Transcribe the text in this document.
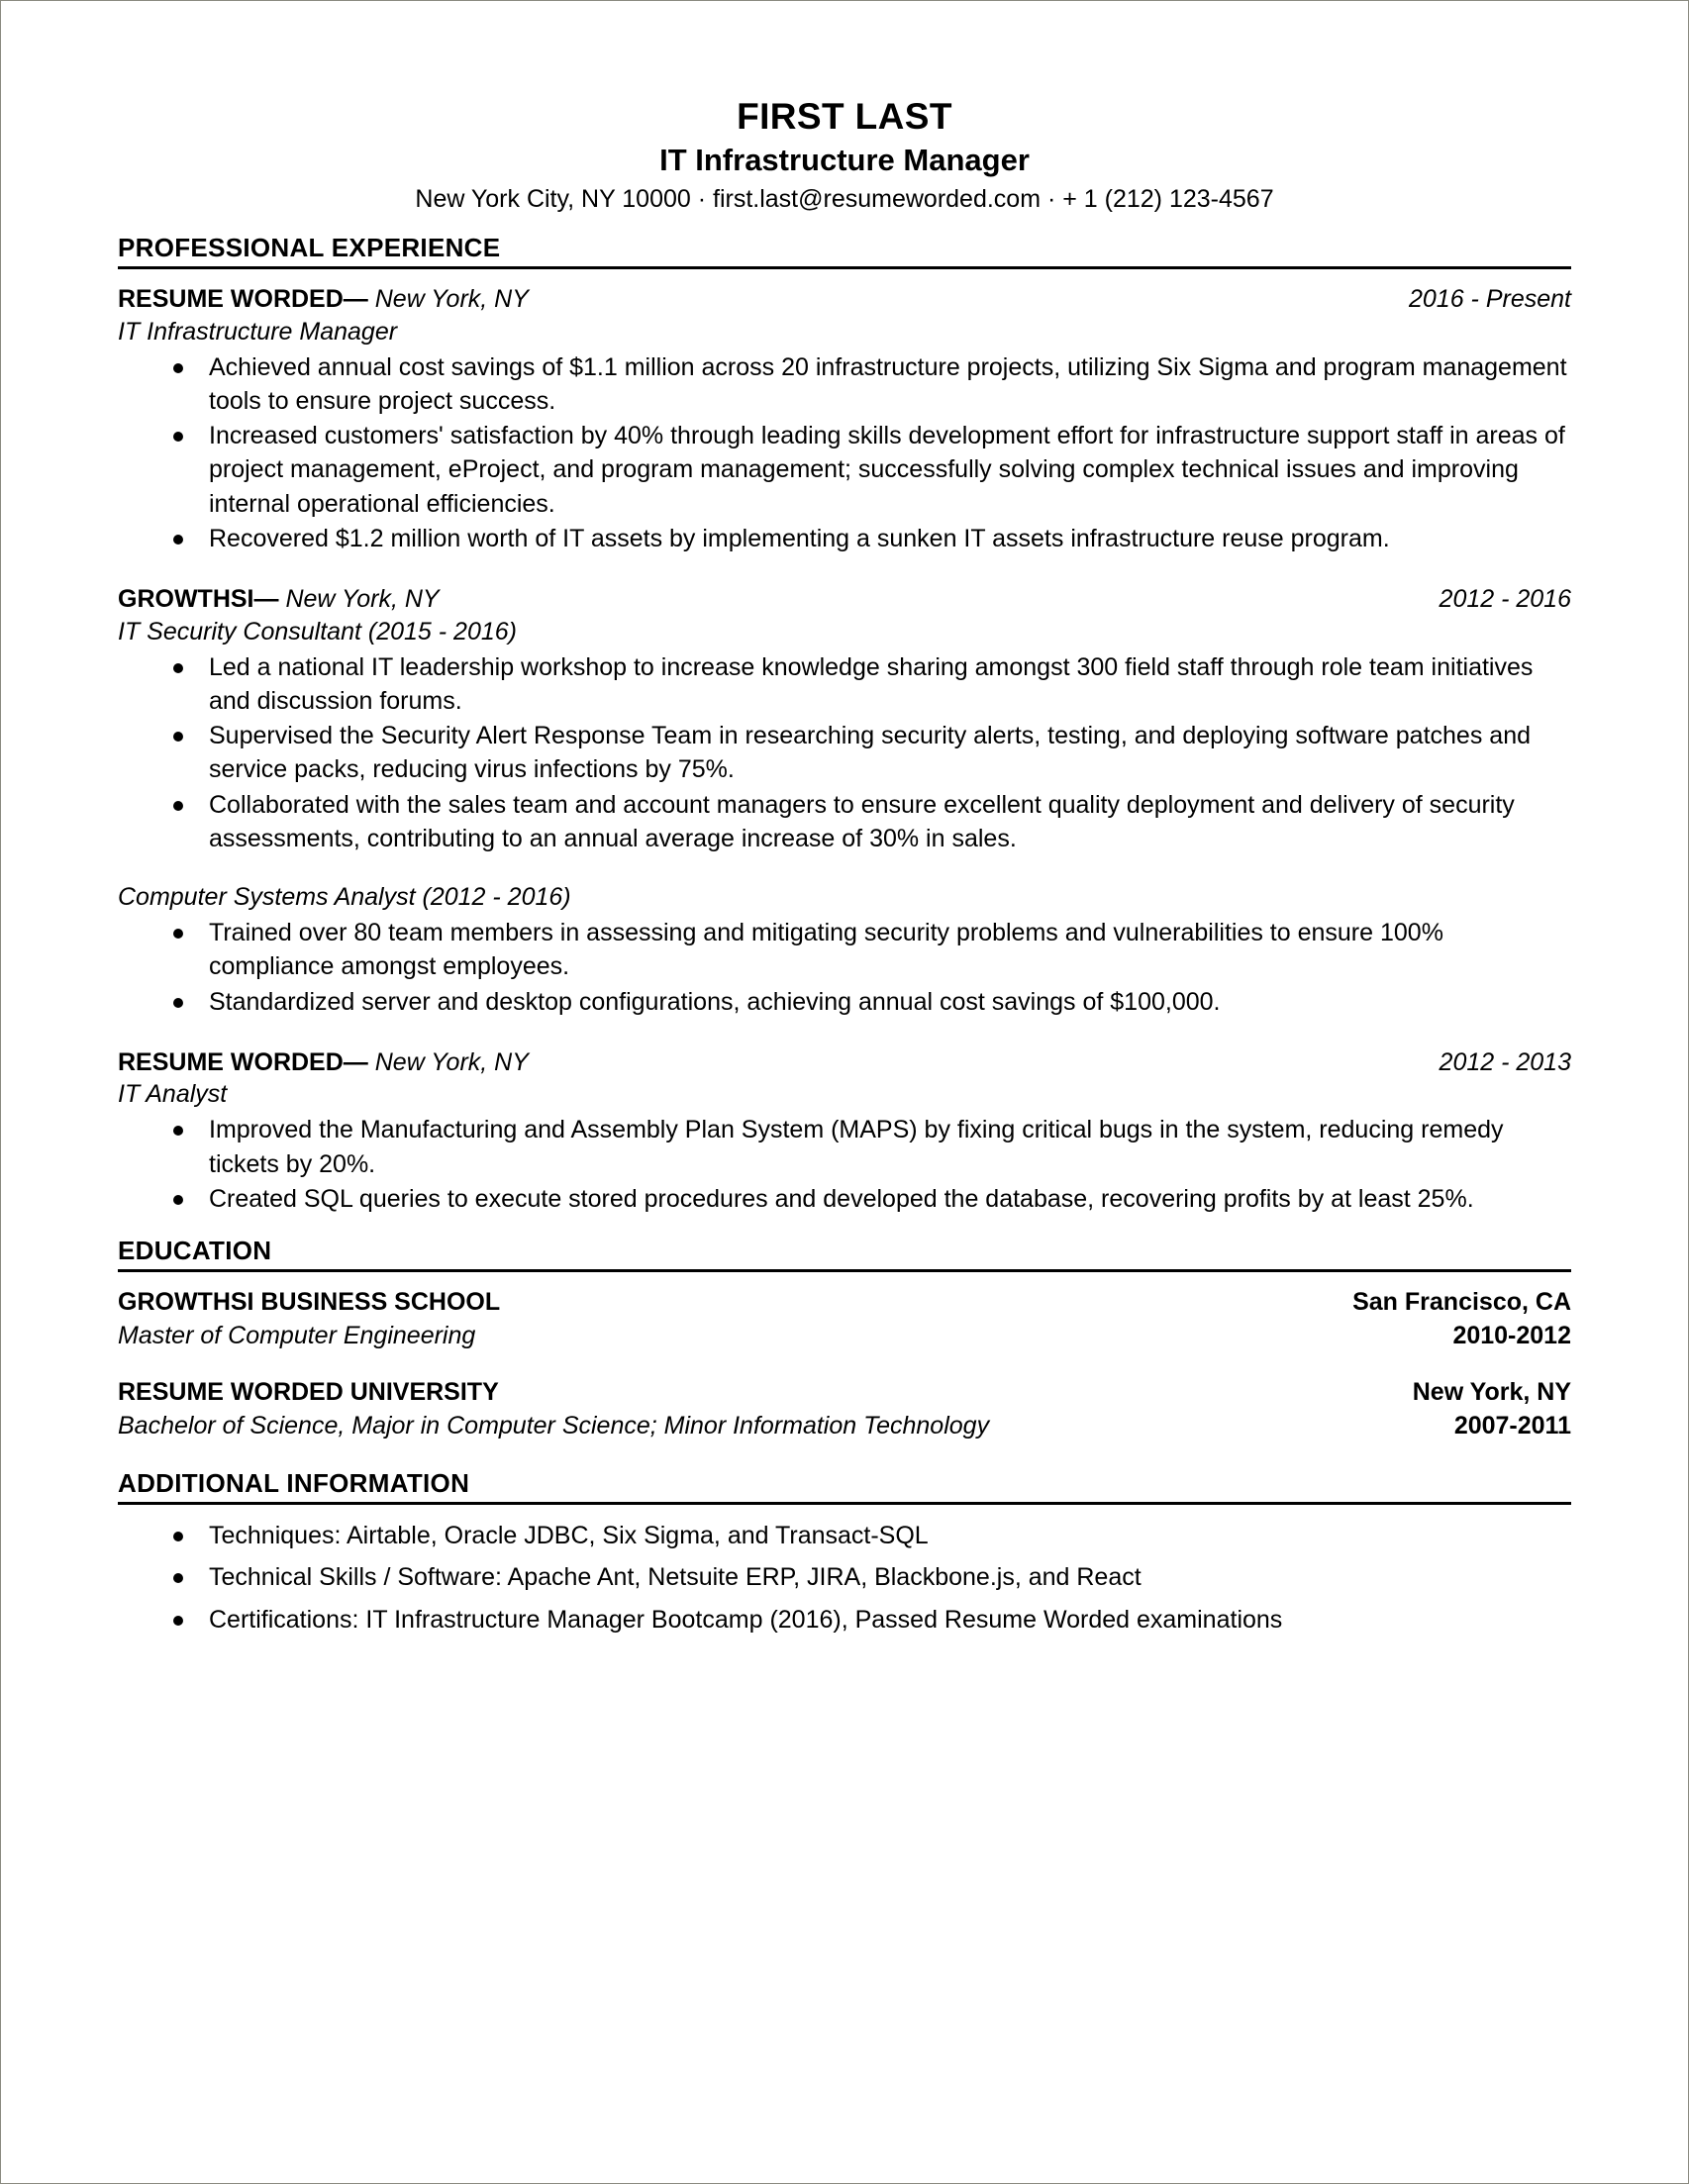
FIRST LAST
IT Infrastructure Manager
New York City, NY 10000 · first.last@resumeworded.com · + 1 (212) 123-4567
PROFESSIONAL EXPERIENCE
RESUME WORDED— New York, NY	2016 - Present
IT Infrastructure Manager
Achieved annual cost savings of $1.1 million across 20 infrastructure projects, utilizing Six Sigma and program management tools to ensure project success.
Increased customers' satisfaction by 40% through leading skills development effort for infrastructure support staff in areas of project management, eProject, and program management; successfully solving complex technical issues and improving internal operational efficiencies.
Recovered $1.2 million worth of IT assets by implementing a sunken IT assets infrastructure reuse program.
GROWTHSI— New York, NY	2012 - 2016
IT Security Consultant (2015 - 2016)
Led a national IT leadership workshop to increase knowledge sharing amongst 300 field staff through role team initiatives and discussion forums.
Supervised the Security Alert Response Team in researching security alerts, testing, and deploying software patches and service packs, reducing virus infections by 75%.
Collaborated with the sales team and account managers to ensure excellent quality deployment and delivery of security assessments, contributing to an annual average increase of 30% in sales.
Computer Systems Analyst (2012 - 2016)
Trained over 80 team members in assessing and mitigating security problems and vulnerabilities to ensure 100% compliance amongst employees.
Standardized server and desktop configurations, achieving annual cost savings of $100,000.
RESUME WORDED— New York, NY	2012 - 2013
IT Analyst
Improved the Manufacturing and Assembly Plan System (MAPS) by fixing critical bugs in the system, reducing remedy tickets by 20%.
Created SQL queries to execute stored procedures and developed the database, recovering profits by at least 25%.
EDUCATION
GROWTHSI BUSINESS SCHOOL	San Francisco, CA
Master of Computer Engineering	2010-2012
RESUME WORDED UNIVERSITY	New York, NY
Bachelor of Science, Major in Computer Science; Minor Information Technology	2007-2011
ADDITIONAL INFORMATION
Techniques: Airtable, Oracle JDBC, Six Sigma, and Transact-SQL
Technical Skills / Software: Apache Ant, Netsuite ERP, JIRA, Blackbone.js, and React
Certifications: IT Infrastructure Manager Bootcamp (2016), Passed Resume Worded examinations
